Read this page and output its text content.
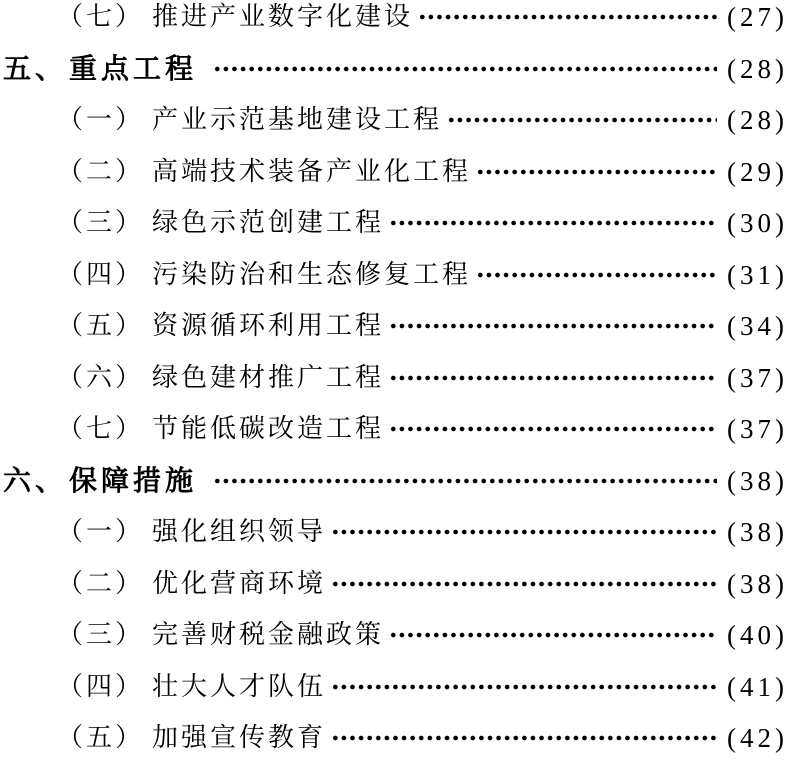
（七） 推进产业数字化建设	(27)
五、 重点工程	(28)
（一） 产业示范基地建设工程	(28)
（二） 高端技术装备产业化工程	(29)
（三） 绿色示范创建工程	(30)
（四） 污染防治和生态修复工程	(31)
（五） 资源循环利用工程	(34)
（六） 绿色建材推广工程	(37)
（七） 节能低碳改造工程	(37)
六、 保障措施	(38)
（一） 强化组织领导	(38)
（二） 优化营商环境	(38)
（三） 完善财税金融政策	(40)
（四） 壮大人才队伍	(41)
（五） 加强宣传教育	(42)
